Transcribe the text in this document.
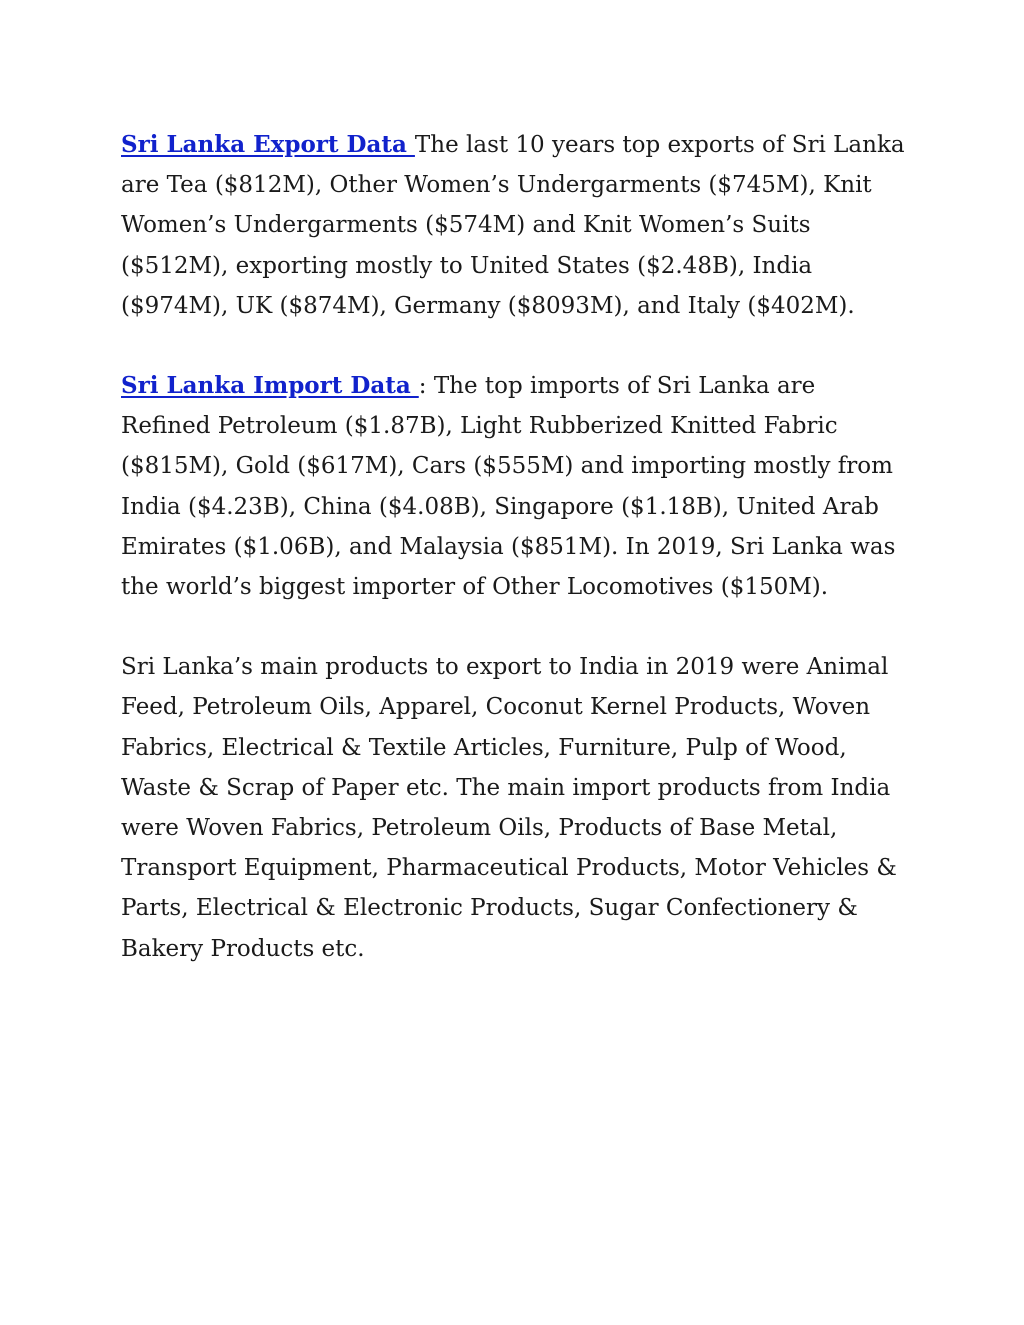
Sri Lanka Export Data The last 10 years top exports of Sri Lanka are Tea ($812M), Other Women’s Undergarments ($745M), Knit Women’s Undergarments ($574M) and Knit Women’s Suits ($512M), exporting mostly to United States ($2.48B), India ($974M), UK ($874M), Germany ($8093M), and Italy ($402M).

Sri Lanka Import Data : The top imports of Sri Lanka are Refined Petroleum ($1.87B), Light Rubberized Knitted Fabric ($815M), Gold ($617M), Cars ($555M) and importing mostly from India ($4.23B), China ($4.08B), Singapore ($1.18B), United Arab Emirates ($1.06B), and Malaysia ($851M). In 2019, Sri Lanka was the world’s biggest importer of Other Locomotives ($150M).

Sri Lanka’s main products to export to India in 2019 were Animal Feed, Petroleum Oils, Apparel, Coconut Kernel Products, Woven Fabrics, Electrical & Textile Articles, Furniture, Pulp of Wood, Waste & Scrap of Paper etc. The main import products from India were Woven Fabrics, Petroleum Oils, Products of Base Metal, Transport Equipment, Pharmaceutical Products, Motor Vehicles & Parts, Electrical & Electronic Products, Sugar Confectionery & Bakery Products etc.
